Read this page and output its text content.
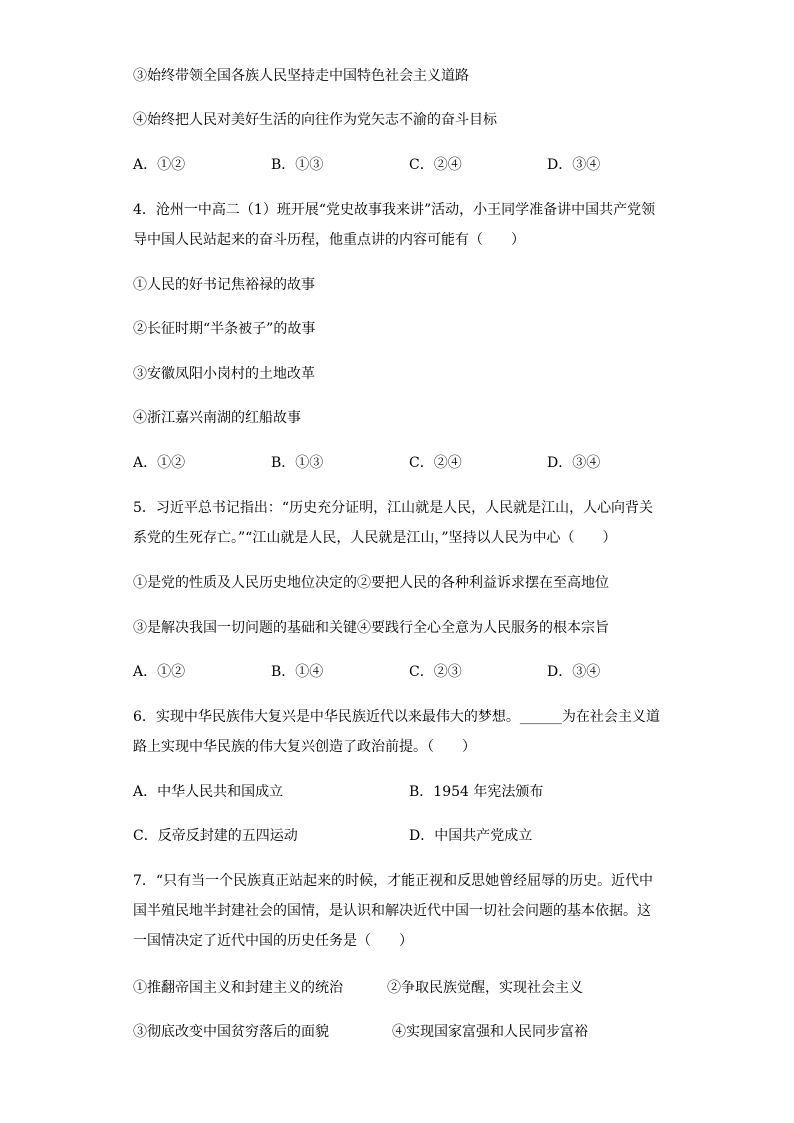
③始终带领全国各族人民坚持走中国特色社会主义道路
④始终把人民对美好生活的向往作为党矢志不渝的奋斗目标
A．①②	B．①③	C．②④	D．③④
4．沧州一中高二（1）班开展“党史故事我来讲”活动，小王同学准备讲中国共产党领
导中国人民站起来的奋斗历程，他重点讲的内容可能有（　　）
①人民的好书记焦裕禄的故事
②长征时期“半条被子”的故事
③安徽凤阳小岗村的土地改革
④浙江嘉兴南湖的红船故事
A．①②	B．①③	C．②④	D．③④
5．习近平总书记指出：“历史充分证明，江山就是人民，人民就是江山，人心向背关
系党的生死存亡。”“江山就是人民，人民就是江山，”坚持以人民为中心（　　）
①是党的性质及人民历史地位决定的②要把人民的各种利益诉求摆在至高地位
③是解决我国一切问题的基础和关键④要践行全心全意为人民服务的根本宗旨
A．①②	B．①④	C．②③	D．③④
6．实现中华民族伟大复兴是中华民族近代以来最伟大的梦想。______为在社会主义道
路上实现中华民族的伟大复兴创造了政治前提。（　　）
A．中华人民共和国成立	B．1954 年宪法颁布
C．反帝反封建的五四运动	D．中国共产党成立
7．“只有当一个民族真正站起来的时候，才能正视和反思她曾经屈辱的历史。近代中
国半殖民地半封建社会的国情，是认识和解决近代中国一切社会问题的基本依据。这
一国情决定了近代中国的历史任务是（　　）
①推翻帝国主义和封建主义的统治	②争取民族觉醒，实现社会主义
③彻底改变中国贫穷落后的面貌	④实现国家富强和人民同步富裕
